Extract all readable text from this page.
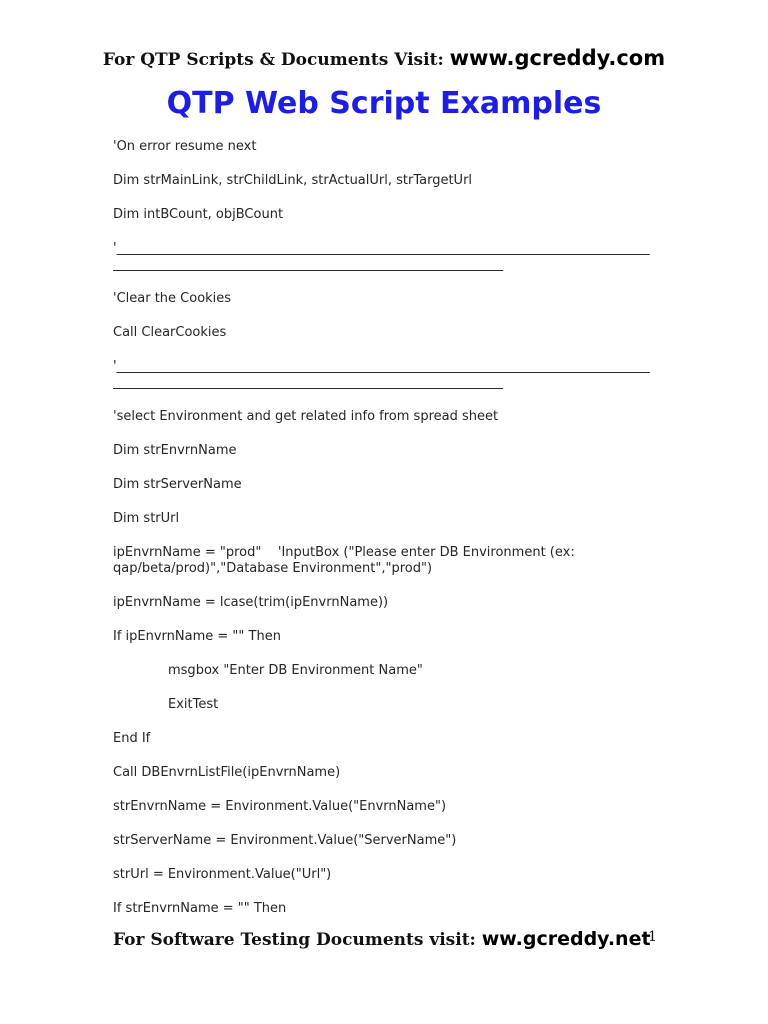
For QTP Scripts & Documents Visit: www.gcreddy.com
QTP Web Script Examples
'On error resume next
Dim strMainLink, strChildLink, strActualUrl, strTargetUrl
Dim intBCount, objBCount
'__________________________________________________________________________________
____________________________________________________________
'Clear the Cookies
Call ClearCookies
'__________________________________________________________________________________
____________________________________________________________
'select Environment and get related info from spread sheet
Dim strEnvrnName
Dim strServerName
Dim strUrl
ipEnvrnName = "prod"    'InputBox ("Please enter DB Environment (ex:
qap/beta/prod)","Database Environment","prod")
ipEnvrnName = lcase(trim(ipEnvrnName))
If ipEnvrnName = "" Then
msgbox "Enter DB Environment Name"
ExitTest
End If
Call DBEnvrnListFile(ipEnvrnName)
strEnvrnName = Environment.Value("EnvrnName")
strServerName = Environment.Value("ServerName")
strUrl = Environment.Value("Url")
If strEnvrnName = "" Then
For Software Testing Documents visit: ww.gcreddy.net
1
